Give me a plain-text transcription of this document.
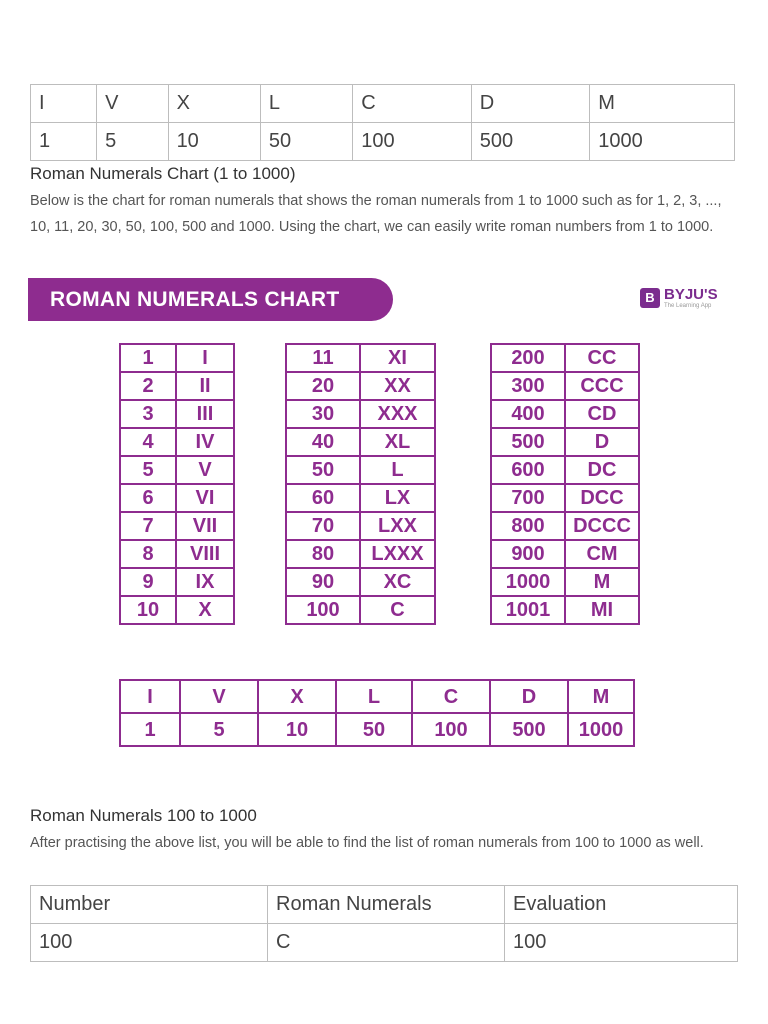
I	V	X	L	C	D	M
1	5	10	50	100	500	1000
Roman Numerals Chart (1 to 1000)
Below is the chart for roman numerals that shows the roman numerals from 1 to 1000 such as for 1, 2, 3, ..., 10, 11, 20, 30, 50, 100, 500 and 1000. Using the chart, we can easily write roman numbers from 1 to 1000.
ROMAN NUMERALS CHART	B BYJU'S
The Learning App
1	I
2	II
3	III
4	IV
5	V
6	VI
7	VII
8	VIII
9	IX
10	X
11	XI
20	XX
30	XXX
40	XL
50	L
60	LX
70	LXX
80	LXXX
90	XC
100	C
200	CC
300	CCC
400	CD
500	D
600	DC
700	DCC
800	DCCC
900	CM
1000	M
1001	MI
I	V	X	L	C	D	M
1	5	10	50	100	500	1000
Roman Numerals 100 to 1000
After practising the above list, you will be able to find the list of roman numerals from 100 to 1000 as well.
Number	Roman Numerals	Evaluation
100	C	100
